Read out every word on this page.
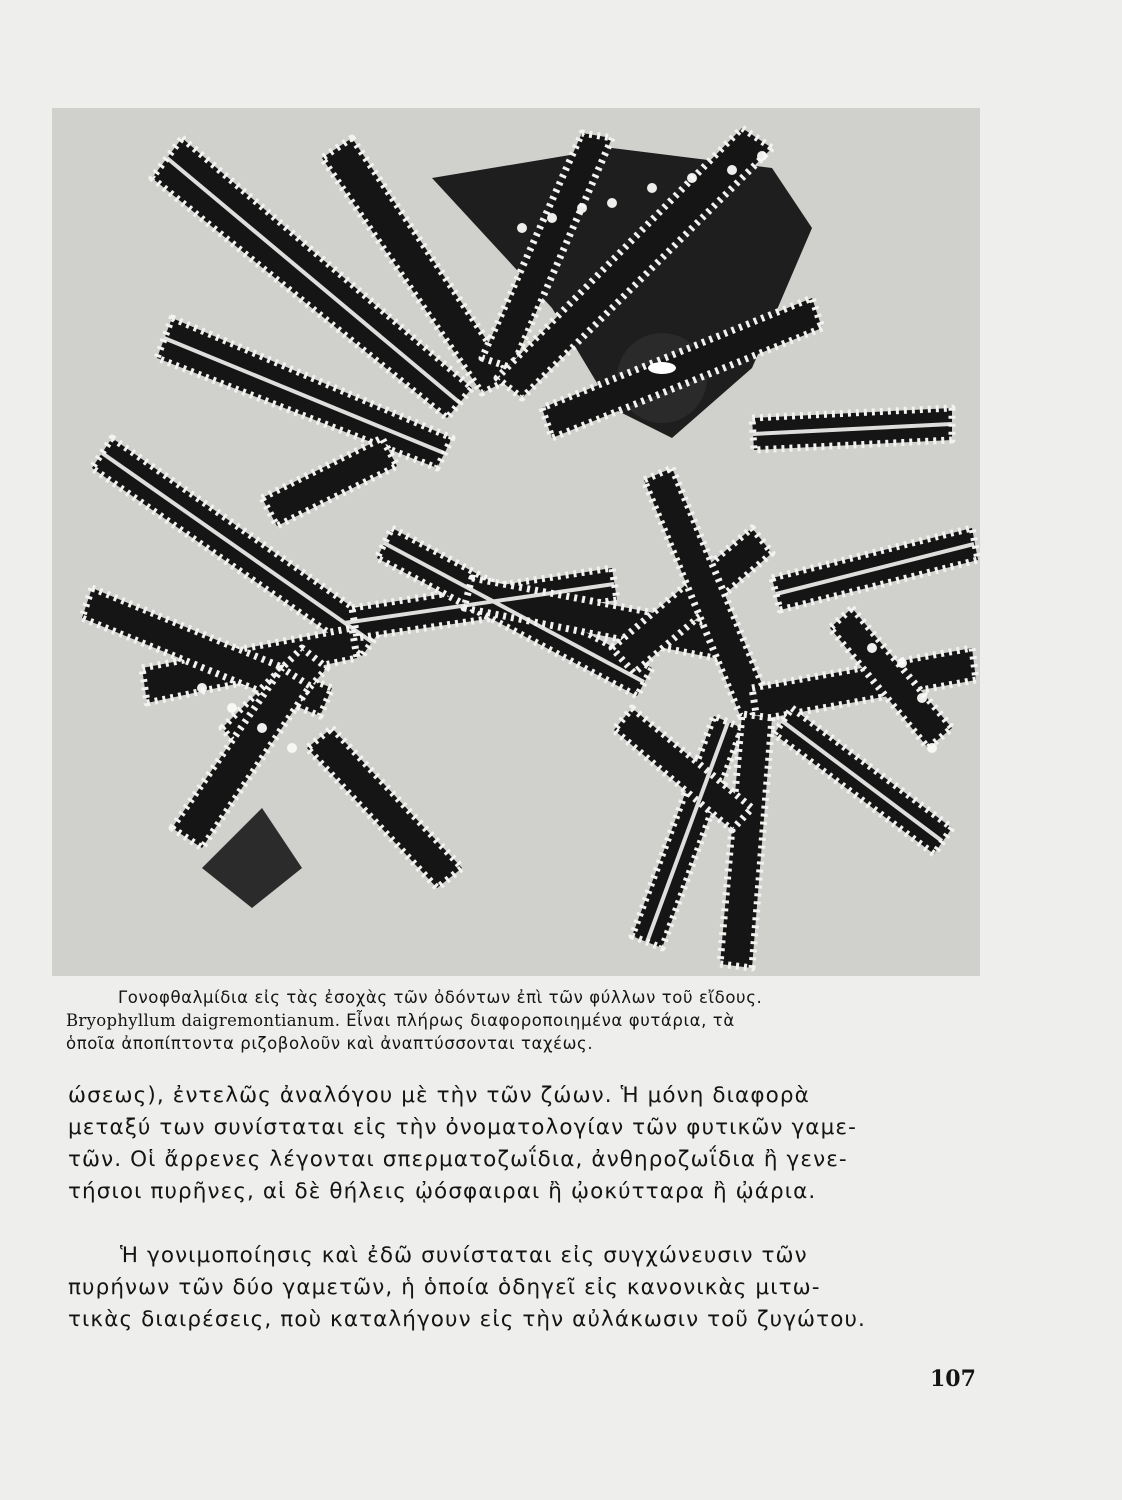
Γονοφθαλμίδια εἰς τὰς ἐσοχὰς τῶν ὀδόντων ἐπὶ τῶν φύλλων τοῦ εἴδους.
Bryophyllum daigremontianum. Εἶναι πλήρως διαφοροποιημένα φυτάρια, τὰ
ὁποῖα ἀποπίπτοντα ριζοβολοῦν καὶ ἀναπτύσσονται ταχέως.
ώσεως), ἐντελῶς ἀναλόγου μὲ τὴν τῶν ζώων. Ἡ μόνη διαφορὰ
μεταξύ των συνίσταται εἰς τὴν ὀνοματολογίαν τῶν φυτικῶν γαμε-
τῶν. Οἱ ἄρρενες λέγονται σπερματοζωΐδια, ἀνθηροζωΐδια ἢ γενε-
τήσιοι πυρῆνες, αἱ δὲ θήλεις ᾠόσφαιραι ἢ ᾠοκύτταρα ἢ ᾠάρια.
Ἡ γονιμοποίησις καὶ ἐδῶ συνίσταται εἰς συγχώνευσιν τῶν
πυρήνων τῶν δύο γαμετῶν, ἡ ὁποία ὁδηγεῖ εἰς κανονικὰς μιτω-
τικὰς διαιρέσεις, ποὺ καταλήγουν εἰς τὴν αὐλάκωσιν τοῦ ζυγώτου.
107
